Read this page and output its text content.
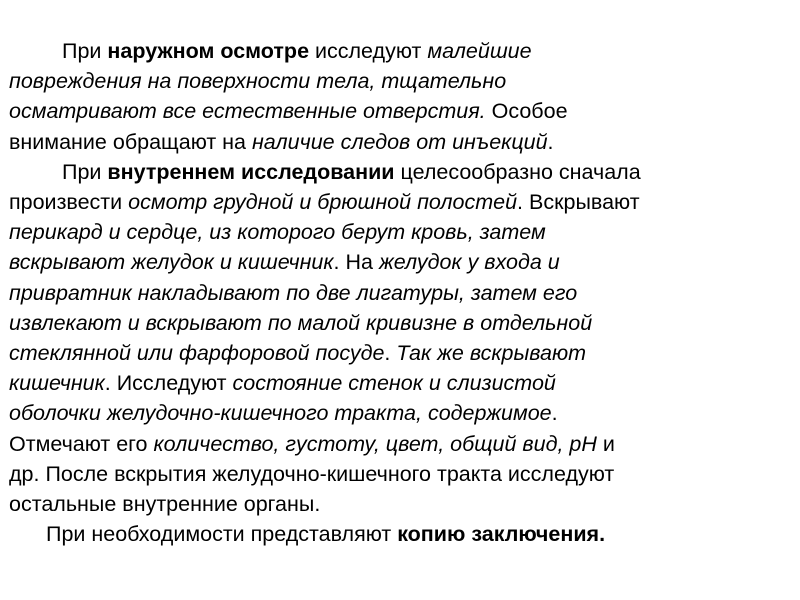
При наружном осмотре исследуют малейшие
повреждения на поверхности тела, тщательно
осматривают все естественные отверстия. Особое
внимание обращают на наличие следов от инъекций.
При внутреннем исследовании целесообразно сначала
произвести осмотр грудной и брюшной полостей. Вскрывают
перикард и сердце, из которого берут кровь, затем
вскрывают желудок и кишечник. На желудок у входа и
привратник накладывают по две лигатуры, затем его
извлекают и вскрывают по малой кривизне в отдельной
стеклянной или фарфоровой посуде. Так же вскрывают
кишечник. Исследуют состояние стенок и слизистой
оболочки желудочно-кишечного тракта, содержимое.
Отмечают его количество, густоту, цвет, общий вид, pH и
др. После вскрытия желудочно-кишечного тракта исследуют
остальные внутренние органы.
При необходимости представляют копию заключения.
